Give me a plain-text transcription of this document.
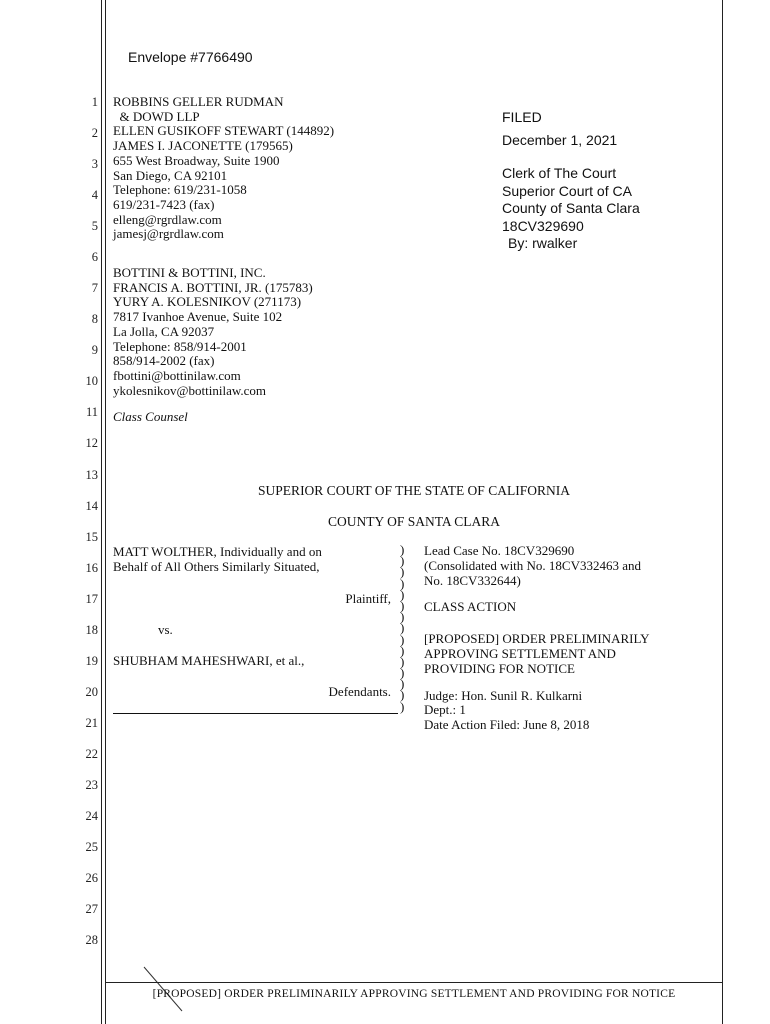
Envelope #7766490
1
2
3
4
5
6
7
8
9
10
11
12
13
14
15
16
17
18
19
20
21
22
23
24
25
26
27
28
ROBBINS GELLER RUDMAN
& DOWD LLP
ELLEN GUSIKOFF STEWART (144892)
JAMES I. JACONETTE (179565)
655 West Broadway, Suite 1900
San Diego, CA 92101
Telephone: 619/231-1058
619/231-7423 (fax)
elleng@rgrdlaw.com
jamesj@rgrdlaw.com
BOTTINI & BOTTINI, INC.
FRANCIS A. BOTTINI, JR. (175783)
YURY A. KOLESNIKOV (271173)
7817 Ivanhoe Avenue, Suite 102
La Jolla, CA 92037
Telephone: 858/914-2001
858/914-2002 (fax)
fbottini@bottinilaw.com
ykolesnikov@bottinilaw.com
Class Counsel
FILED
December 1, 2021
Clerk of The Court
Superior Court of CA
County of Santa Clara
18CV329690
By: rwalker
SUPERIOR COURT OF THE STATE OF CALIFORNIA
COUNTY OF SANTA CLARA
MATT WOLTHER, Individually and on
Behalf of All Others Similarly Situated,
Plaintiff,
vs.
SHUBHAM MAHESHWARI, et al.,
Defendants.
)
)
)
)
)
)
)
)
)
)
)
)
)
)
)
Lead Case No. 18CV329690
(Consolidated with No. 18CV332463 and
No. 18CV332644)
CLASS ACTION
[PROPOSED] ORDER PRELIMINARILY
APPROVING SETTLEMENT AND
PROVIDING FOR NOTICE
Judge: Hon. Sunil R. Kulkarni
Dept.: 1
Date Action Filed: June 8, 2018
[PROPOSED] ORDER PRELIMINARILY APPROVING SETTLEMENT AND PROVIDING FOR NOTICE
